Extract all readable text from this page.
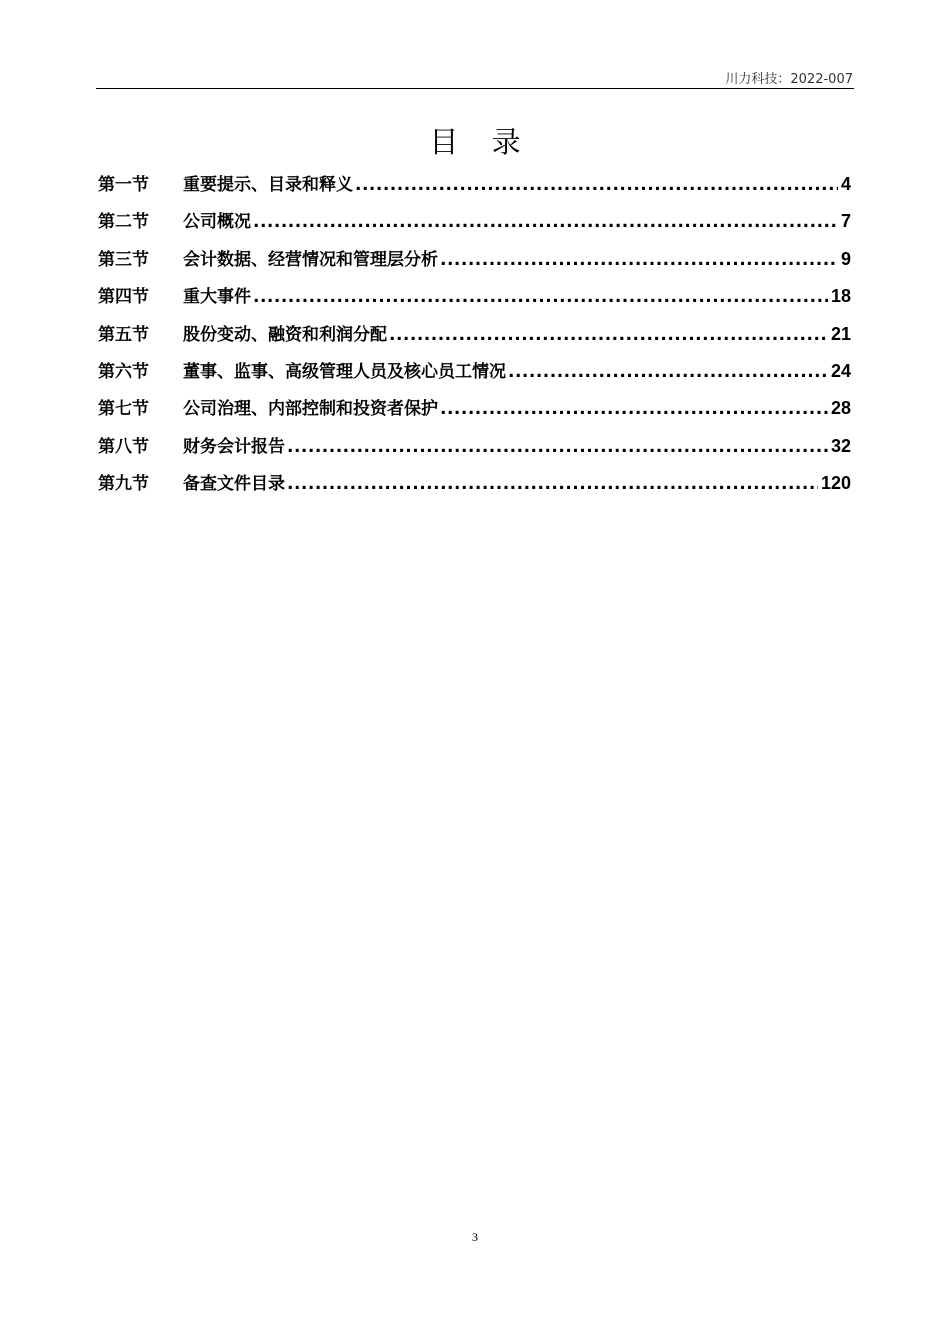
川力科技：2022-007
目 录
第一节	重要提示、目录和释义 .....	4
第二节	公司概况 .....	7
第三节	会计数据、经营情况和管理层分析 .....	9
第四节	重大事件 .....	18
第五节	股份变动、融资和利润分配 .....	21
第六节	董事、监事、高级管理人员及核心员工情况 .....	24
第七节	公司治理、内部控制和投资者保护 .....	28
第八节	财务会计报告 .....	32
第九节	备查文件目录 .....	120
3
